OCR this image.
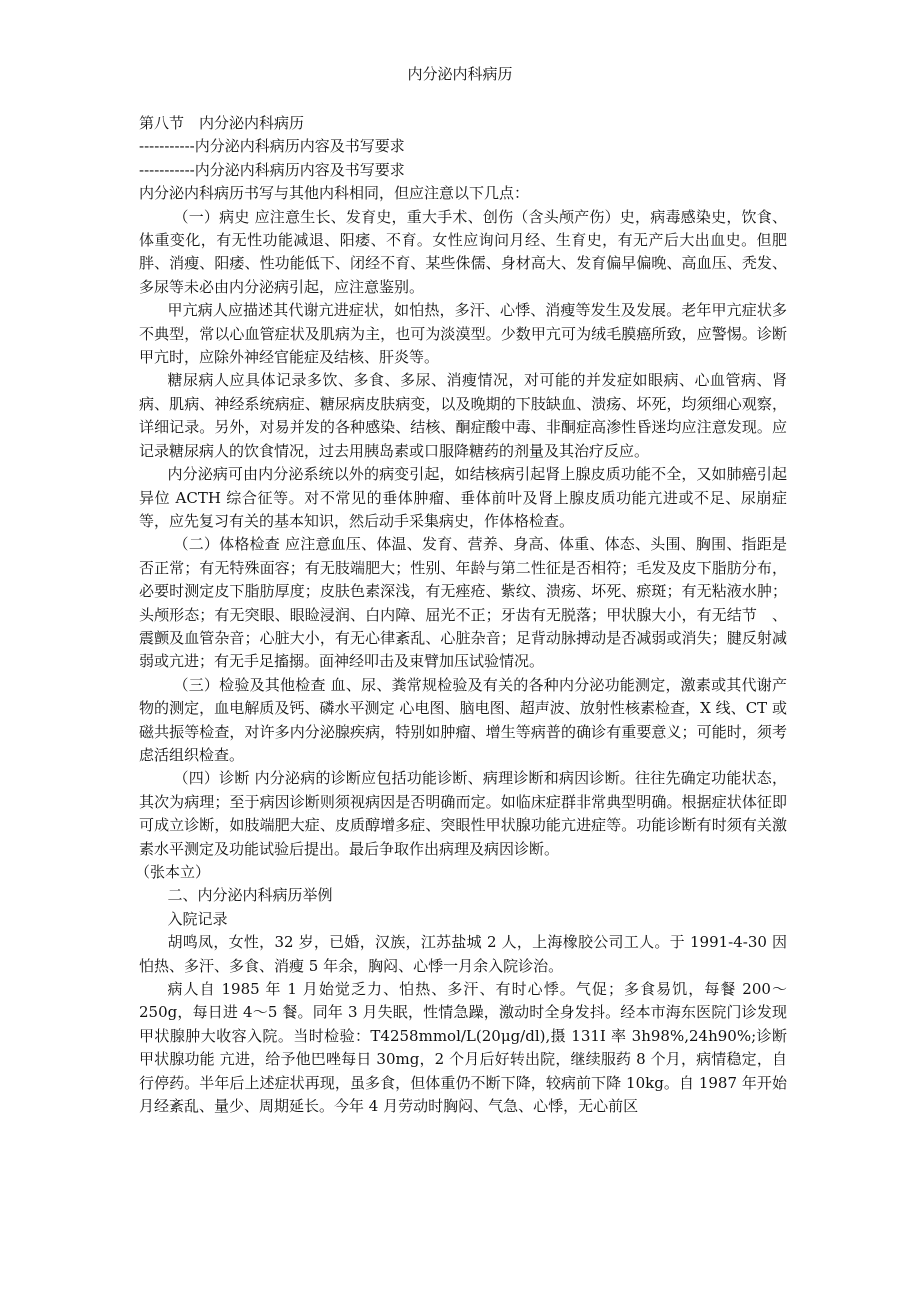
内分泌内科病历

第八节　内分泌内科病历

-----------内分泌内科病历内容及书写要求

-----------内分泌内科病历内容及书写要求

内分泌内科病历书写与其他内科相同，但应注意以下几点：

（一）病史 应注意生长、发育史，重大手术、创伤（含头颅产伤）史，病毒感染史，饮食、体重变化，有无性功能减退、阳痿、不育。女性应询问月经、生育史，有无产后大出血史。但肥胖、消瘦、阳痿、性功能低下、闭经不育、某些侏儒、身材高大、发育偏早偏晚、高血压、秃发、多尿等未必由内分泌病引起，应注意鉴别。

甲亢病人应描述其代谢亢进症状，如怕热，多汗、心悸、消瘦等发生及发展。老年甲亢症状多不典型，常以心血管症状及肌病为主，也可为淡漠型。少数甲亢可为绒毛膜癌所致，应警惕。诊断甲亢时，应除外神经官能症及结核、肝炎等。

糖尿病人应具体记录多饮、多食、多尿、消瘦情况，对可能的并发症如眼病、心血管病、肾病、肌病、神经系统病症、糖尿病皮肤病变，以及晚期的下肢缺血、溃疡、坏死，均须细心观察，详细记录。另外，对易并发的各种感染、结核、酮症酸中毒、非酮症高渗性昏迷均应注意发现。应记录糖尿病人的饮食情况，过去用胰岛素或口服降糖药的剂量及其治疗反应。

内分泌病可由内分泌系统以外的病变引起，如结核病引起肾上腺皮质功能不全，又如肺癌引起异位 ACTH 综合征等。对不常见的垂体肿瘤、垂体前叶及肾上腺皮质功能亢进或不足、尿崩症等，应先复习有关的基本知识，然后动手采集病史，作体格检查。

（二）体格检查 应注意血压、体温、发育、营养、身高、体重、体态、头围、胸围、指距是否正常；有无特殊面容；有无肢端肥大；性别、年龄与第二性征是否相符；毛发及皮下脂肪分布，必要时测定皮下脂肪厚度；皮肤色素深浅，有无痤疮、紫纹、溃疡、坏死、瘀斑；有无粘液水肿；头颅形态；有无突眼、眼睑浸润、白内障、屈光不正；牙齿有无脱落；甲状腺大小，有无结节　、震颤及血管杂音；心脏大小，有无心律紊乱、心脏杂音；足背动脉搏动是否减弱或消失；腱反射减弱或亢进；有无手足搐搦。面神经叩击及束臂加压试验情况。

（三）检验及其他检查 血、尿、粪常规检验及有关的各种内分泌功能测定，激素或其代谢产物的测定，血电解质及钙、磷水平测定 心电图、脑电图、超声波、放射性核素检查，X 线、CT 或磁共振等检查，对许多内分泌腺疾病，特别如肿瘤、增生等病普的确诊有重要意义；可能时，须考虑活组织检查。

（四）诊断 内分泌病的诊断应包括功能诊断、病理诊断和病因诊断。往往先确定功能状态，其次为病理；至于病因诊断则须视病因是否明确而定。如临床症群非常典型明确。根据症状体征即可成立诊断，如肢端肥大症、皮质醇增多症、突眼性甲状腺功能亢进症等。功能诊断有时须有关激素水平测定及功能试验后提出。最后争取作出病理及病因诊断。

（张本立）

二、内分泌内科病历举例

入院记录

胡鸣凤，女性，32 岁，已婚，汉族，江苏盐城 2 人，上海橡胶公司工人。于 1991-4-30 因怕热、多汗、多食、消瘦 5 年余，胸闷、心悸一月余入院诊治。

病人自 1985 年 1 月始觉乏力、怕热、多汗、有时心悸。气促；多食易饥，每餐 200～250g，每日进 4～5 餐。同年 3 月失眠，性情急躁，激动时全身发抖。经本市海东医院门诊发现甲状腺肿大收容入院。当时检验：T4258mmol/L(20μg/dl),摄 131I 率 3h98%,24h90%;诊断甲状腺功能 亢进，给予他巴唑每日 30mg，2 个月后好转出院，继续服药 8 个月，病情稳定，自行停药。半年后上述症状再现，虽多食，但体重仍不断下降，较病前下降 10kg。自 1987 年开始月经紊乱、量少、周期延长。今年 4 月劳动时胸闷、气急、心悸，无心前区
